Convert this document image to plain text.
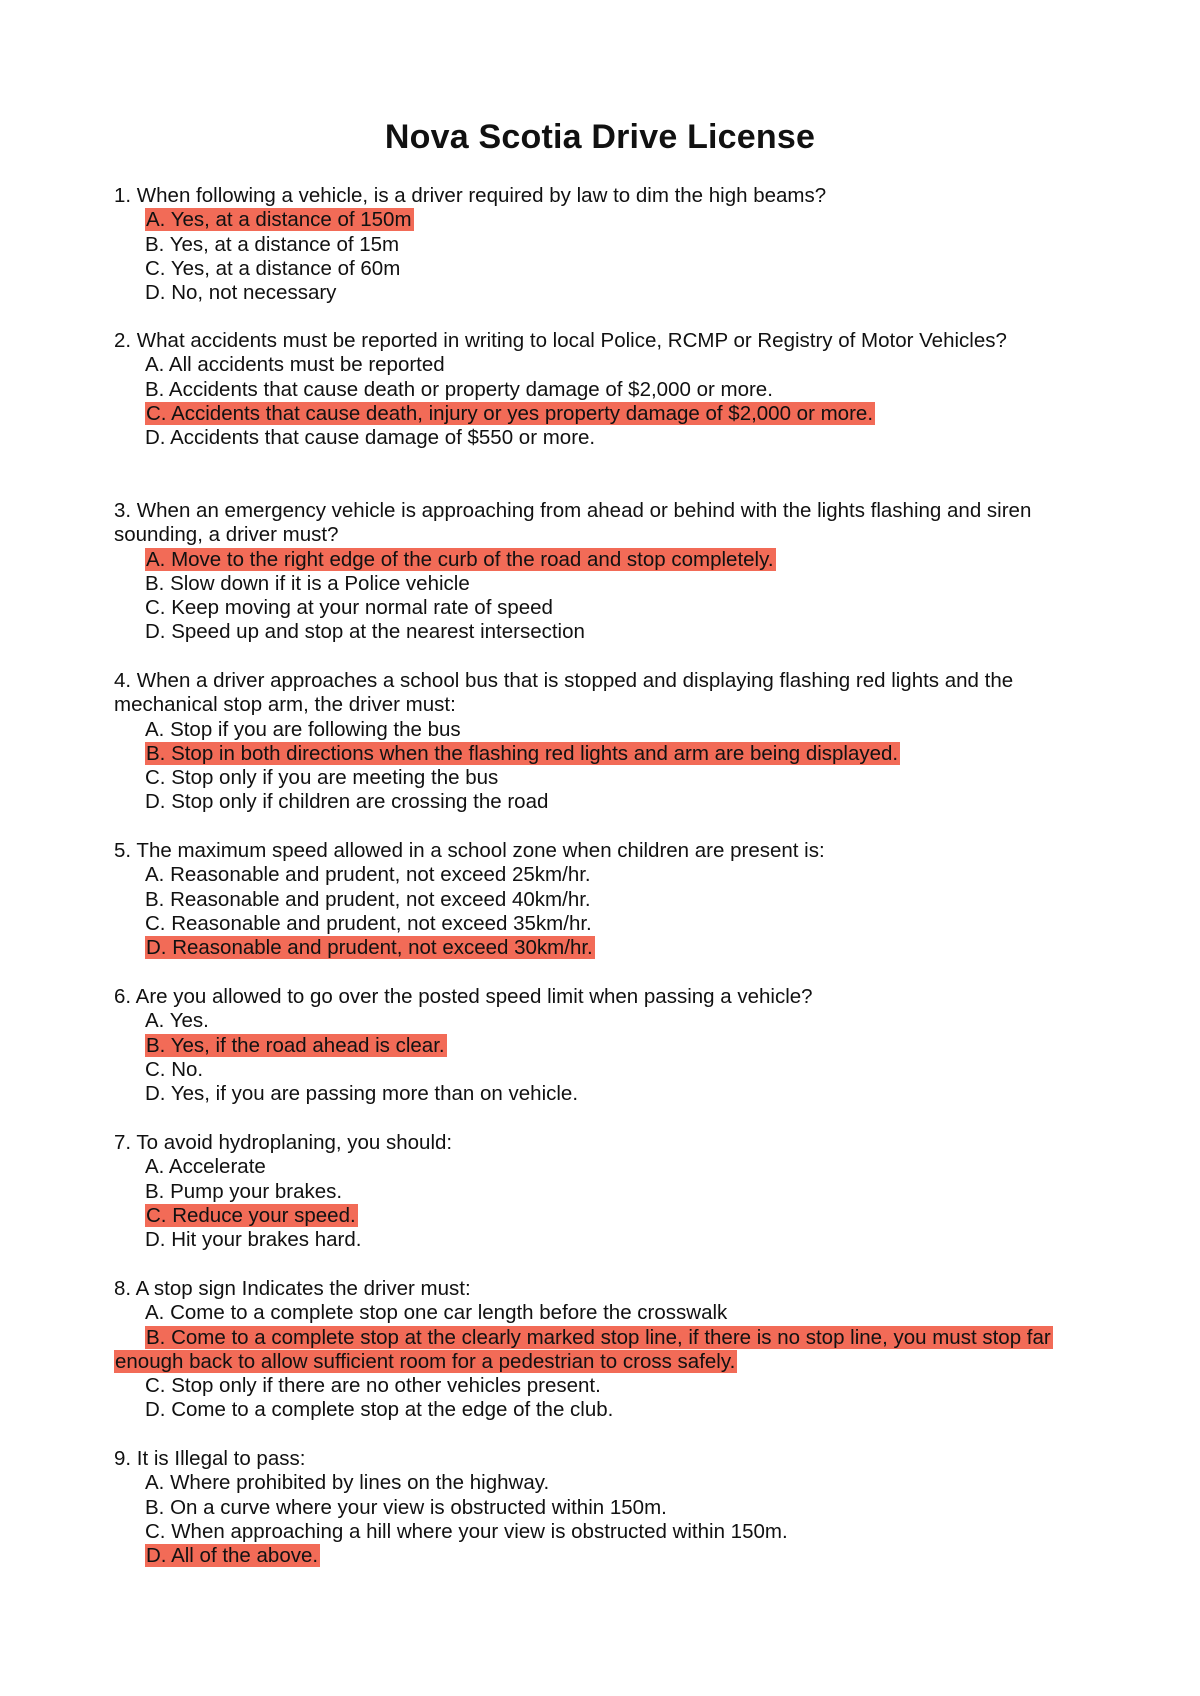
Nova Scotia Drive License
1. When following a vehicle, is a driver required by law to dim the high beams?
A. Yes, at a distance of 150m
B. Yes, at a distance of 15m
C. Yes, at a distance of 60m
D. No, not necessary
2. What accidents must be reported in writing to local Police, RCMP or Registry of Motor Vehicles?
A. All accidents must be reported
B. Accidents that cause death or property damage of $2,000 or more.
C. Accidents that cause death, injury or yes property damage of $2,000 or more.
D. Accidents that cause damage of $550 or more.
3. When an emergency vehicle is approaching from ahead or behind with the lights flashing and siren sounding, a driver must?
A. Move to the right edge of the curb of the road and stop completely.
B. Slow down if it is a Police vehicle
C. Keep moving at your normal rate of speed
D. Speed up and stop at the nearest intersection
4. When a driver approaches a school bus that is stopped and displaying flashing red lights and the mechanical stop arm, the driver must:
A. Stop if you are following the bus
B. Stop in both directions when the flashing red lights and arm are being displayed.
C. Stop only if you are meeting the bus
D. Stop only if children are crossing the road
5. The maximum speed allowed in a school zone when children are present is:
A. Reasonable and prudent, not exceed 25km/hr.
B. Reasonable and prudent, not exceed 40km/hr.
C. Reasonable and prudent, not exceed 35km/hr.
D. Reasonable and prudent, not exceed 30km/hr.
6. Are you allowed to go over the posted speed limit when passing a vehicle?
A. Yes.
B. Yes, if the road ahead is clear.
C. No.
D. Yes, if you are passing more than on vehicle.
7. To avoid hydroplaning, you should:
A. Accelerate
B. Pump your brakes.
C. Reduce your speed.
D. Hit your brakes hard.
8. A stop sign Indicates the driver must:
A. Come to a complete stop one car length before the crosswalk
B. Come to a complete stop at the clearly marked stop line, if there is no stop line, you must stop far enough back to allow sufficient room for a pedestrian to cross safely.
C. Stop only if there are no other vehicles present.
D. Come to a complete stop at the edge of the club.
9. It is Illegal to pass:
A. Where prohibited by lines on the highway.
B. On a curve where your view is obstructed within 150m.
C. When approaching a hill where your view is obstructed within 150m.
D. All of the above.
